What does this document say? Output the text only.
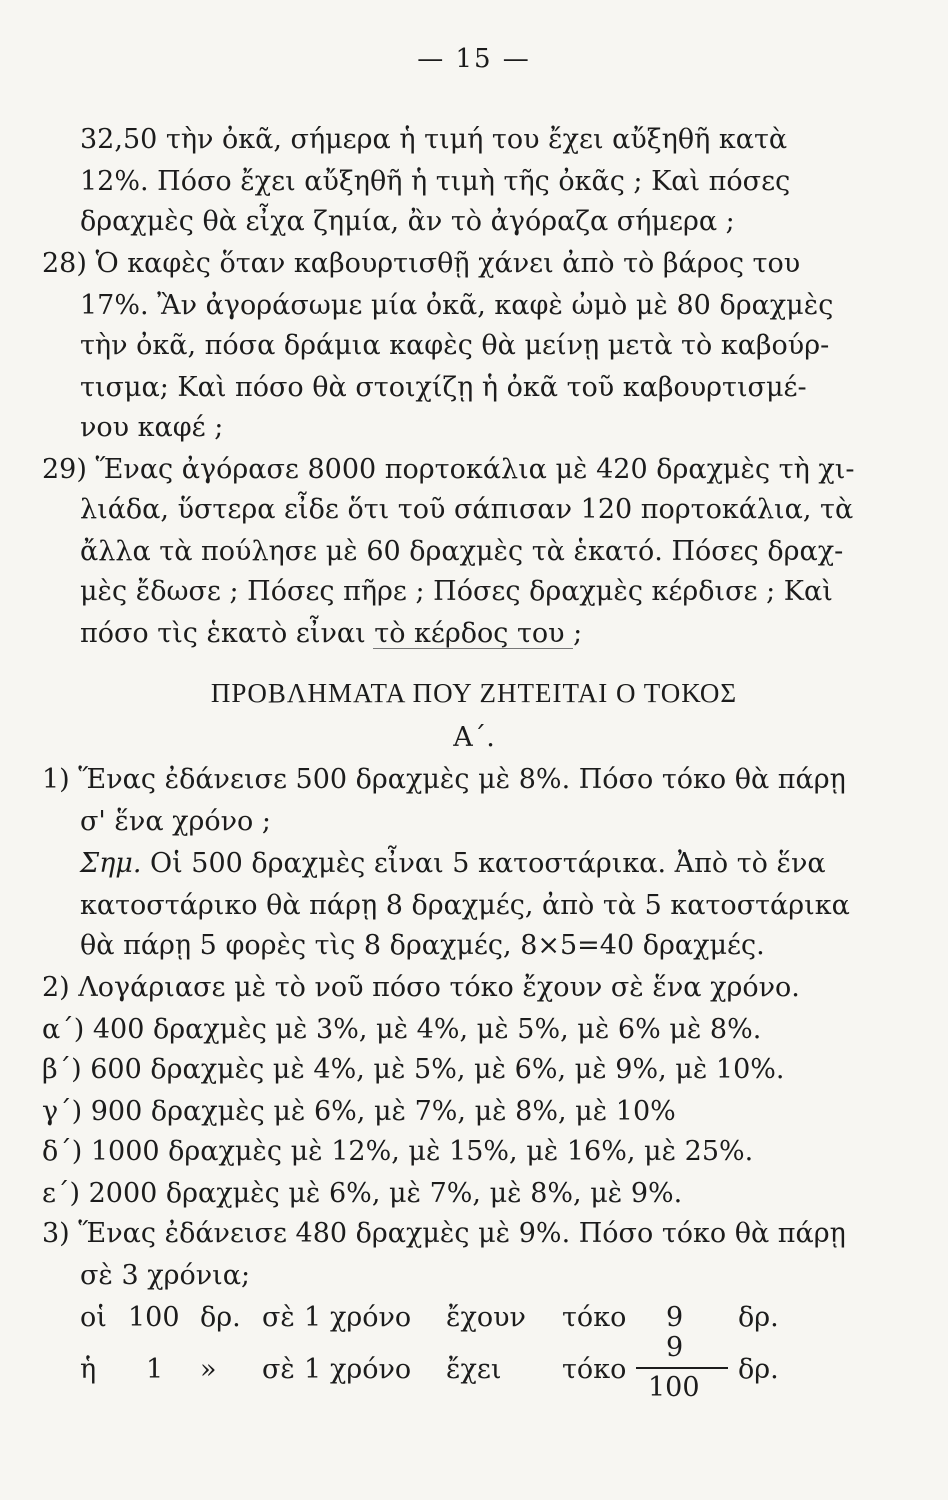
— 15 —
32,50 τὴν ὀκᾶ, σήμερα ἡ τιμή του ἔχει αὔξηθῆ κατὰ
12%. Πόσο ἔχει αὔξηθῆ ἡ τιμὴ τῆς ὀκᾶς ; Καὶ πόσες
δραχμὲς θὰ εἶχα ζημία, ἂν τὸ ἀγόραζα σήμερα ;
28) Ὁ καφὲς ὅταν καβουρτισθῇ χάνει ἀπὸ τὸ βάρος του
17%. Ἂν ἀγοράσωμε μία ὀκᾶ, καφὲ ὠμὸ μὲ 80 δραχμὲς
τὴν ὀκᾶ, πόσα δράμια καφὲς θὰ μείνῃ μετὰ τὸ καβούρ-
τισμα; Καὶ πόσο θὰ στοιχίζῃ ἡ ὀκᾶ τοῦ καβουρτισμέ-
νου καφέ ;
29) Ἕνας ἀγόρασε 8000 πορτοκάλια μὲ 420 δραχμὲς τὴ χι-
λιάδα, ὕστερα εἶδε ὅτι τοῦ σάπισαν 120 πορτοκάλια, τὰ
ἄλλα τὰ πούλησε μὲ 60 δραχμὲς τὰ ἑκατό. Πόσες δραχ-
μὲς ἔδωσε ; Πόσες πῆρε ; Πόσες δραχμὲς κέρδισε ; Καὶ
πόσο τὶς ἑκατὸ εἶναι τὸ κέρδος του ;
ΠΡΟΒΛΗΜΑΤΑ ΠΟΥ ΖΗΤΕΙΤΑΙ Ο ΤΟΚΟΣ
Α΄.
1) Ἕνας ἐδάνεισε 500 δραχμὲς μὲ 8%. Πόσο τόκο θὰ πάρῃ
σ' ἕνα χρόνο ;
Σημ. Οἱ 500 δραχμὲς εἶναι 5 κατοστάρικα. Ἀπὸ τὸ ἕνα
κατοστάρικο θὰ πάρῃ 8 δραχμές, ἀπὸ τὰ 5 κατοστάρικα
θὰ πάρῃ 5 φορὲς τὶς 8 δραχμές, 8×5=40 δραχμές.
2) Λογάριασε μὲ τὸ νοῦ πόσο τόκο ἔχουν σὲ ἕνα χρόνο.
α΄) 400 δραχμὲς μὲ 3%, μὲ 4%, μὲ 5%, μὲ 6% μὲ 8%.
β΄) 600 δραχμὲς μὲ 4%, μὲ 5%, μὲ 6%, μὲ 9%, μὲ 10%.
γ΄) 900 δραχμὲς μὲ 6%, μὲ 7%, μὲ 8%, μὲ 10%
δ΄) 1000 δραχμὲς μὲ 12%, μὲ 15%, μὲ 16%, μὲ 25%.
ε΄) 2000 δραχμὲς μὲ 6%, μὲ 7%, μὲ 8%, μὲ 9%.
3) Ἕνας ἐδάνεισε 480 δραχμὲς μὲ 9%. Πόσο τόκο θὰ πάρῃ
σὲ 3 χρόνια;
οἱ 100 δρ. σὲ 1 χρόνο ἔχουν τόκο 9 δρ.
ἡ 1 » σὲ 1 χρόνο ἔχει τόκο
9
100
δρ.
